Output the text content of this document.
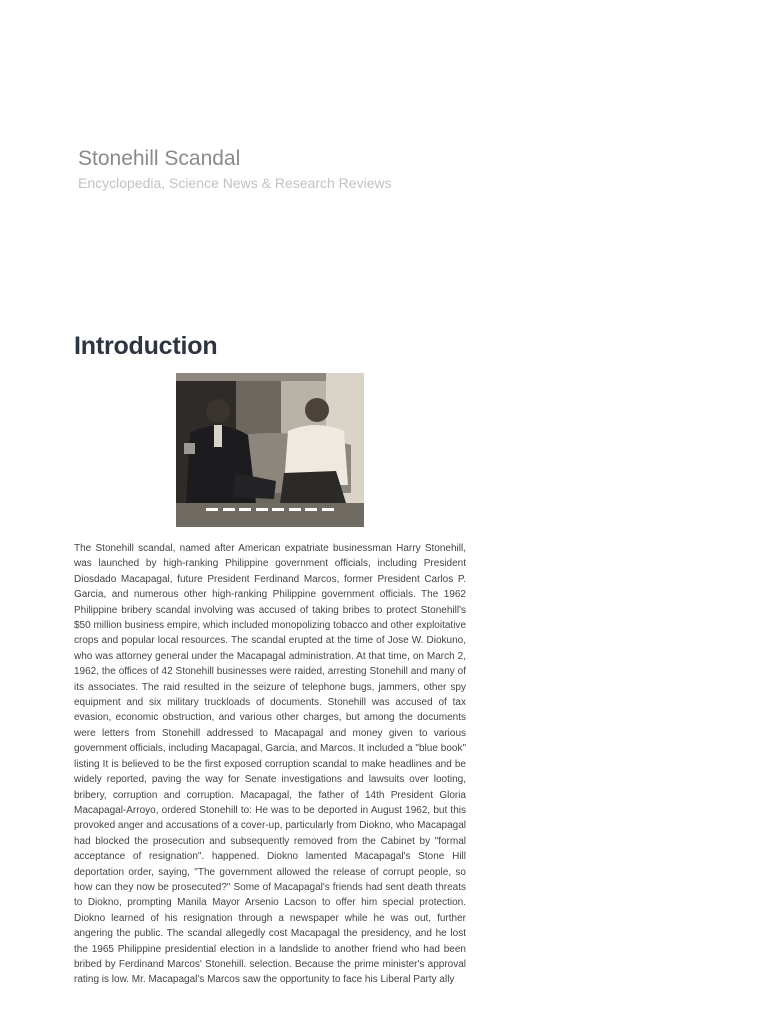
Stonehill Scandal
Encyclopedia, Science News & Research Reviews
Introduction

The Stonehill scandal, named after American expatriate businessman Harry Stonehill, was launched by high-ranking Philippine government officials, including President Diosdado Macapagal, future President Ferdinand Marcos, former President Carlos P. Garcia, and numerous other high-ranking Philippine government officials. The 1962 Philippine bribery scandal involving was accused of taking bribes to protect Stonehill's $50 million business empire, which included monopolizing tobacco and other exploitative crops and popular local resources. The scandal erupted at the time of Jose W. Diokuno, who was attorney general under the Macapagal administration. At that time, on March 2, 1962, the offices of 42 Stonehill businesses were raided, arresting Stonehill and many of its associates. The raid resulted in the seizure of telephone bugs, jammers, other spy equipment and six military truckloads of documents. Stonehill was accused of tax evasion, economic obstruction, and various other charges, but among the documents were letters from Stonehill addressed to Macapagal and money given to various government officials, including Macapagal, Garcia, and Marcos. It included a "blue book" listing It is believed to be the first exposed corruption scandal to make headlines and be widely reported, paving the way for Senate investigations and lawsuits over looting, bribery, corruption and corruption. Macapagal, the father of 14th President Gloria Macapagal-Arroyo, ordered Stonehill to: He was to be deported in August 1962, but this provoked anger and accusations of a cover-up, particularly from Diokno, who Macapagal had blocked the prosecution and subsequently removed from the Cabinet by "formal acceptance of resignation". happened. Diokno lamented Macapagal's Stone Hill deportation order, saying, "The government allowed the release of corrupt people, so how can they now be prosecuted?" Some of Macapagal's friends had sent death threats to Diokno, prompting Manila Mayor Arsenio Lacson to offer him special protection. Diokno learned of his resignation through a newspaper while he was out, further angering the public. The scandal allegedly cost Macapagal the presidency, and he lost the 1965 Philippine presidential election in a landslide to another friend who had been bribed by Ferdinand Marcos' Stonehill. selection. Because the prime minister's approval rating is low. Mr. Macapagal's Marcos saw the opportunity to face his Liberal Party ally
